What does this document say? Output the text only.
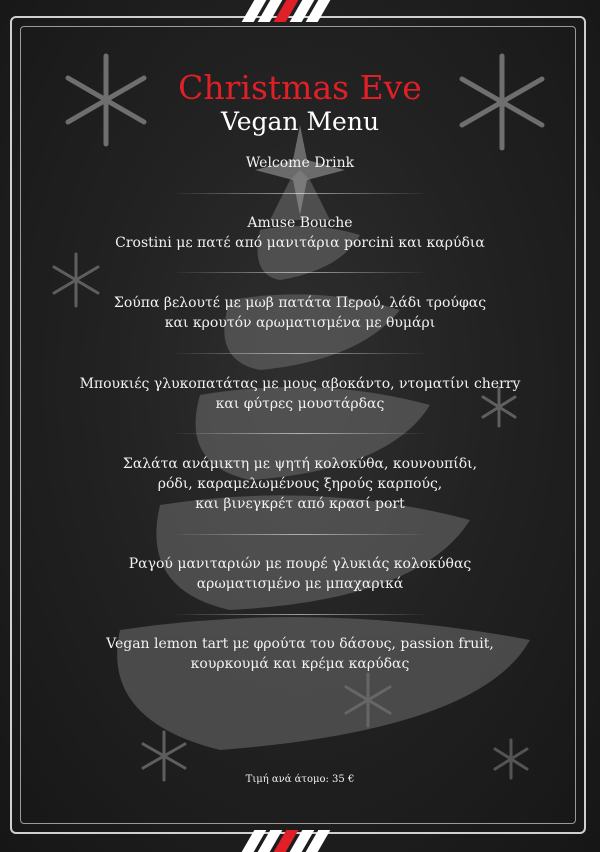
Christmas Eve
Vegan Menu
Welcome Drink
Amuse Bouche
Crostini με πατέ από μανιτάρια porcini και καρύδια
Σούπα βελουτέ με μωβ πατάτα Περού, λάδι τρούφας
και κρουτόν αρωματισμένα με θυμάρι
Μπουκιές γλυκοπατάτας με μους αβοκάντο, ντοματίνι cherry
και φύτρες μουστάρδας
Σαλάτα ανάμικτη με ψητή κολοκύθα, κουνουπίδι,
ρόδι, καραμελωμένους ξηρούς καρπούς,
και βινεγκρέτ από κρασί port
Ραγού μανιταριών με πουρέ γλυκιάς κολοκύθας
αρωματισμένο με μπαχαρικά
Vegan lemon tart με φρούτα του δάσους, passion fruit,
κουρκουμά και κρέμα καρύδας
Τιμή ανά άτομο: 35 €
